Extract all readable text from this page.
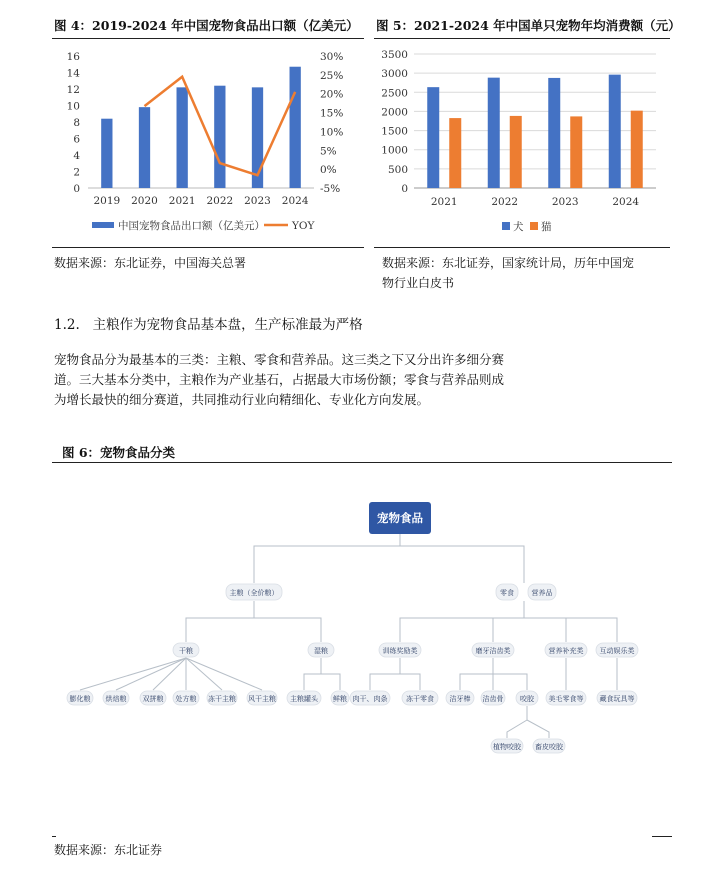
图 4：2019-2024 年中国宠物食品出口额（亿美元） 图 5：2021-2024 年中国单只宠物年均消费额（元）
0
2
4
6
8
10
12
14
16
-5%
0%
5%
10%
15%
20%
25%
30%
2019 2020 2021 2022 2023 2024
中国宠物食品出口额（亿美元）	YOY
0
500
1000
1500
2000
2500
3000
3500
2021	2022	2023	2024
犬 猫
数据来源：东北证券，中国海关总署	数据来源：东北证券，国家统计局，历年中国宠
物行业白皮书
1.2. 主粮作为宠物食品基本盘，生产标准最为严格
宠物食品分为最基本的三类：主粮、零食和营养品。这三类之下又分出许多细分赛
道。三大基本分类中，主粮作为产业基石，占据最大市场份额；零食与营养品则成
为增长最快的细分赛道，共同推动行业向精细化、专业化方向发展。
图 6：宠物食品分类
宠物食品
主粮（全价粮）	零食	营养品
干粮	湿粮	训练奖励类	磨牙洁齿类	营养补充类 互动娱乐类
膨化粮 烘焙粮 双拼粮 处方粮 冻干主粮 风干主粮 主粮罐头 鲜粮 肉干、肉条	冻干零食 洁牙棒 洁齿骨 咬胶 美毛零食等 藏食玩具等
植物咬胶 畜皮咬胶
数据来源：东北证券
